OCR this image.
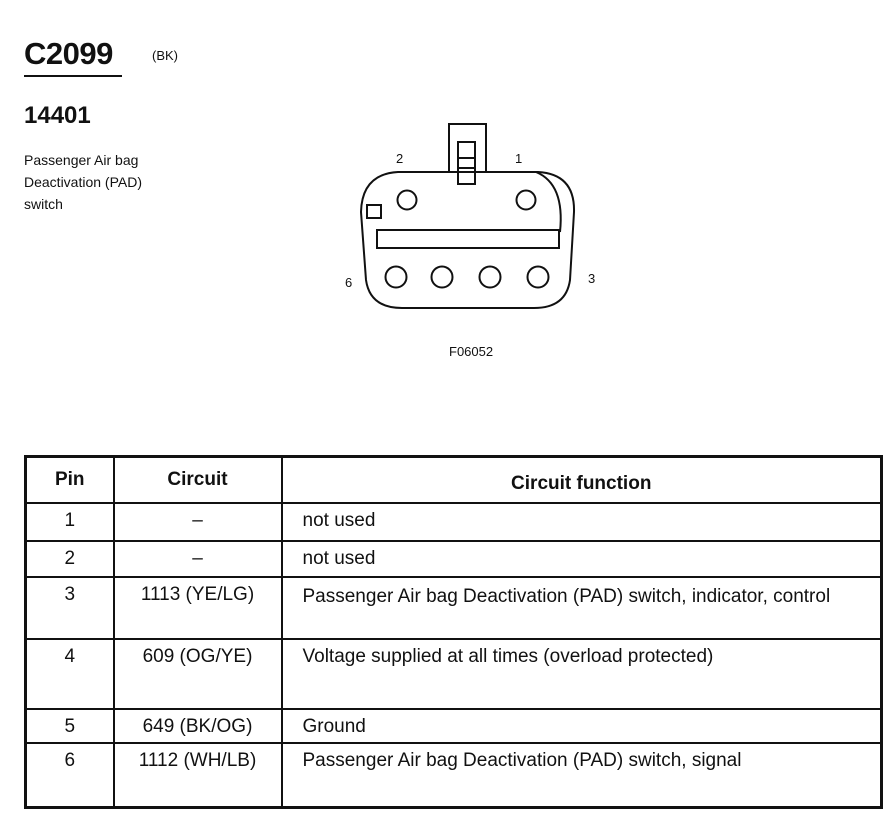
C2099	(BK)
14401
Passenger Air bag
Deactivation (PAD)
switch
2	1
6	3
F06052
Pin	Circuit	Circuit function
1	–	not used
2	–	not used
3	1113 (YE/LG)	Passenger Air bag Deactivation (PAD) switch, indicator, control
4	609 (OG/YE)	Voltage supplied at all times (overload protected)
5	649 (BK/OG)	Ground
6	1112 (WH/LB)	Passenger Air bag Deactivation (PAD) switch, signal
